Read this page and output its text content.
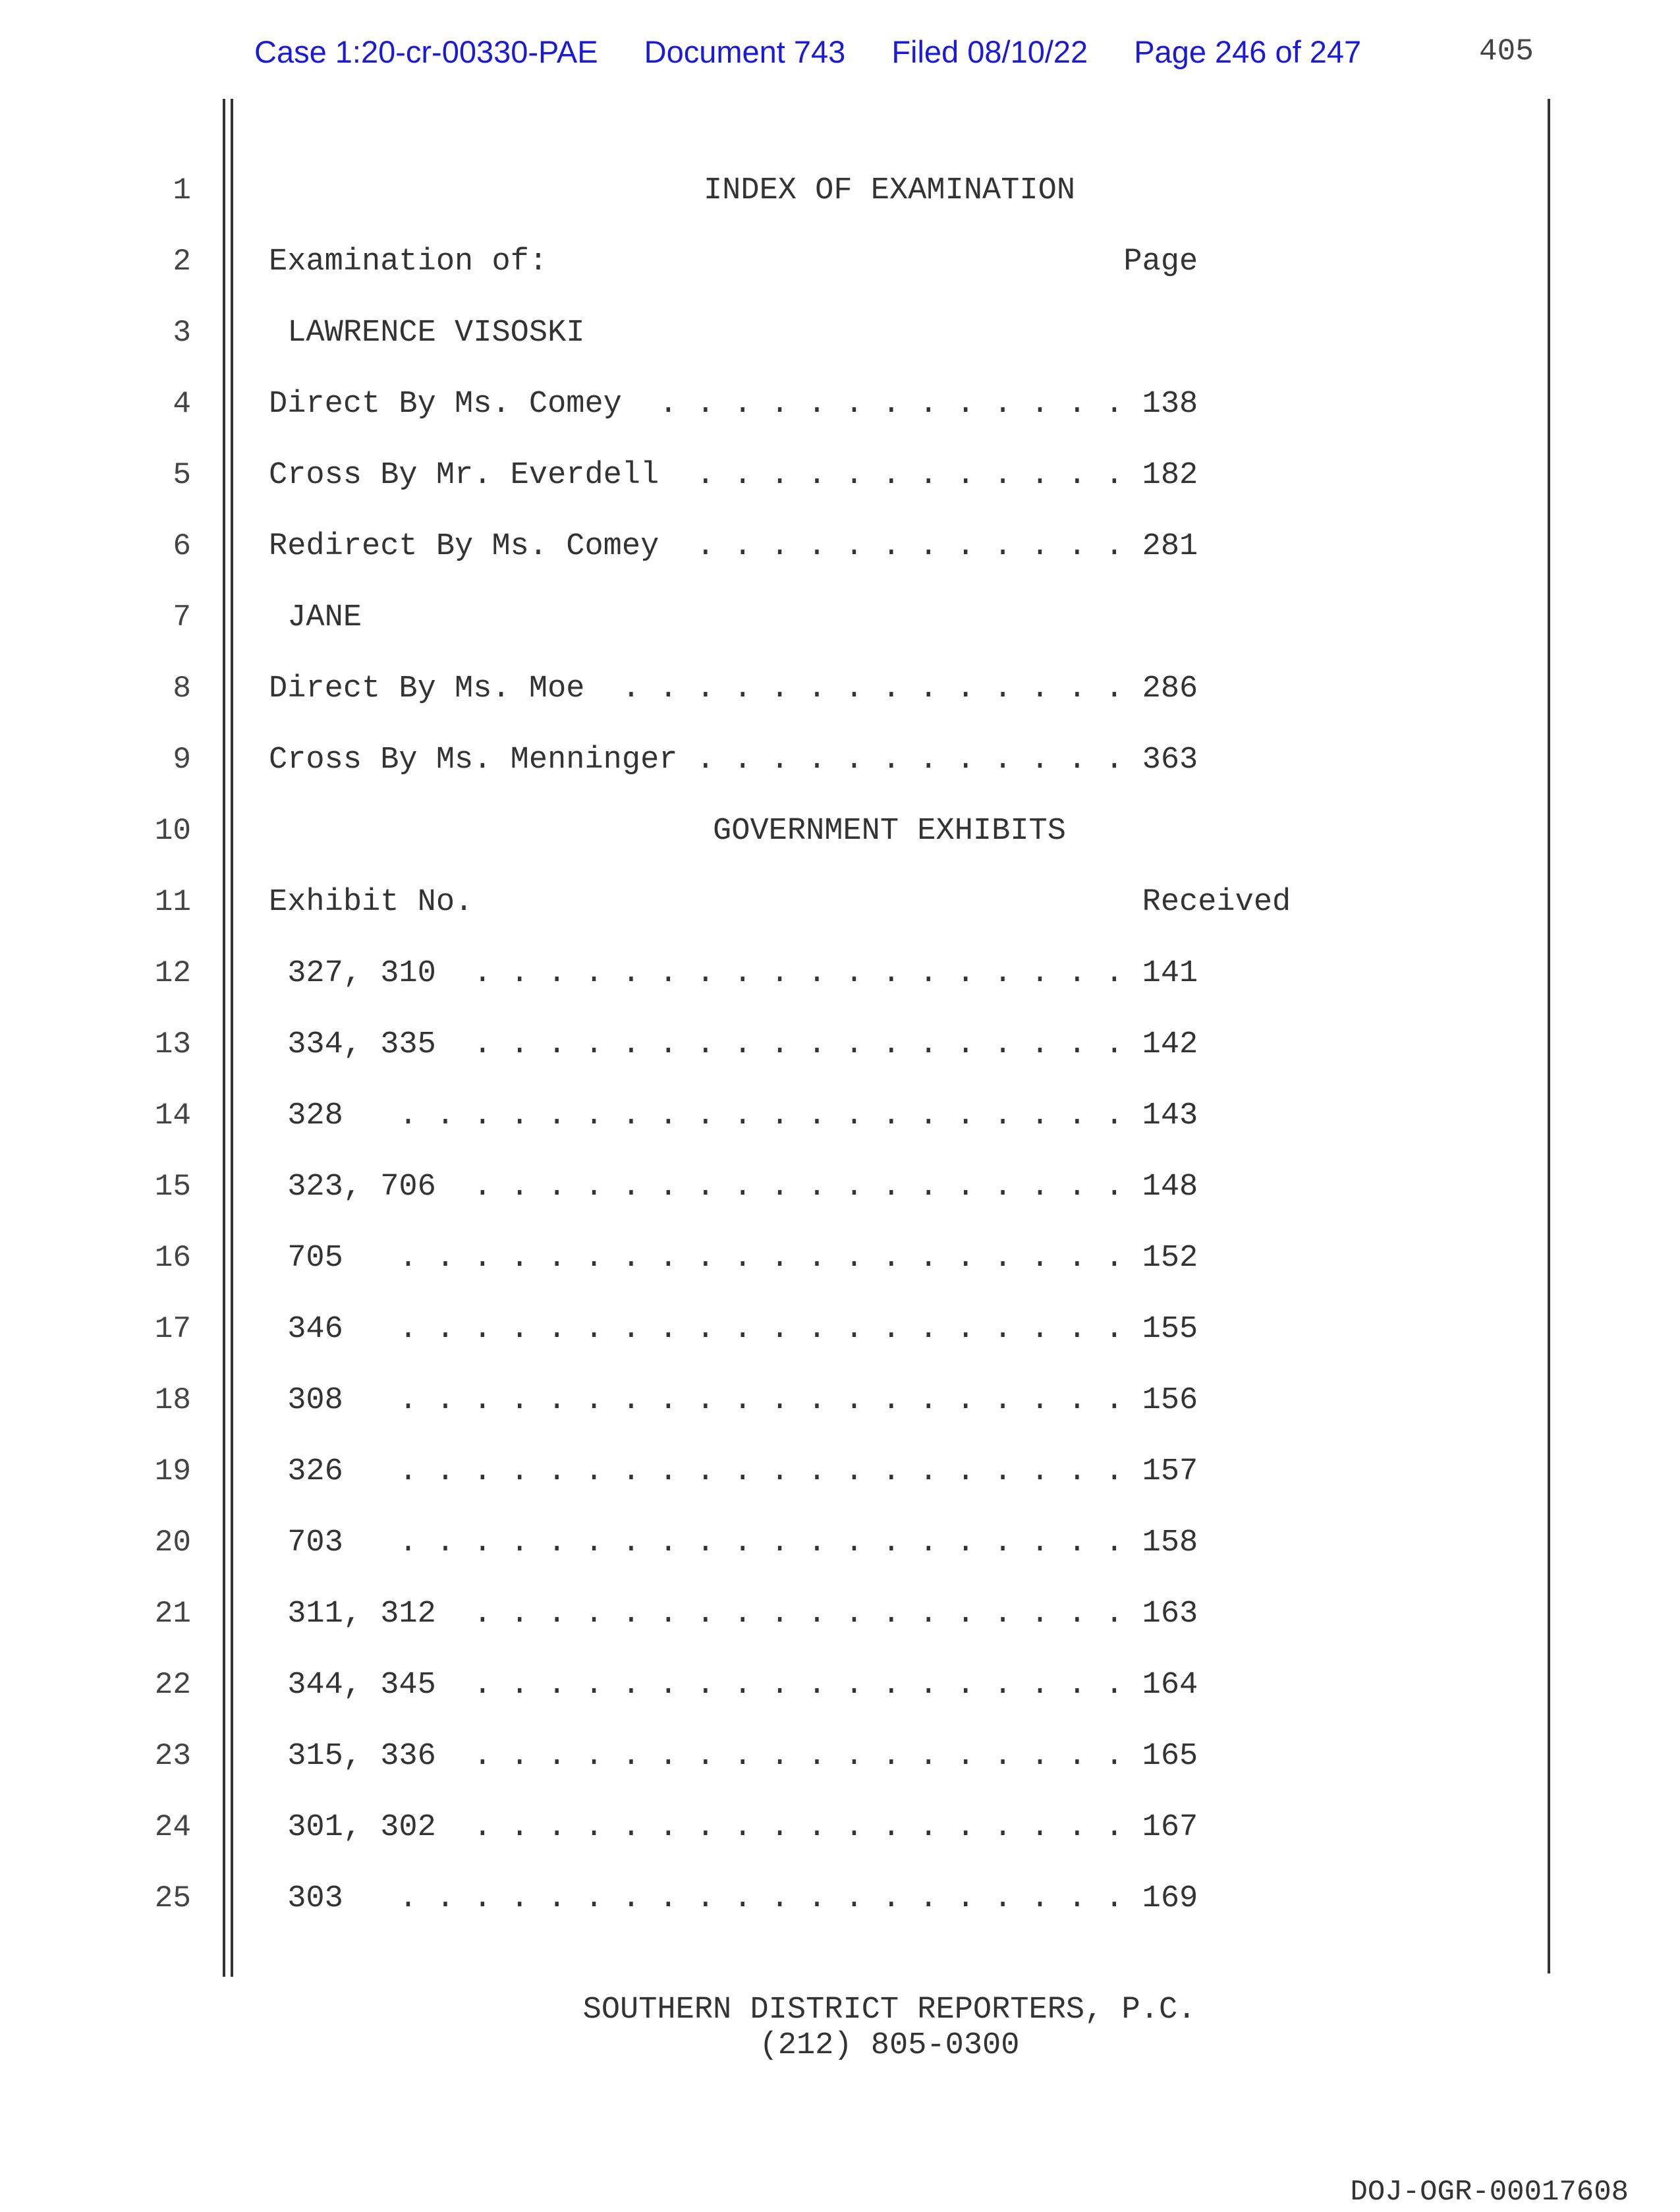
Case 1:20-cr-00330-PAE Document 743 Filed 08/10/22 Page 246 of 247	405
1
2
3
4
5
6
7
8
9
10
11
12
13
14
15
16
17
18
19
20
21
22
23
24
25
INDEX OF EXAMINATION
Examination of:                               Page
LAWRENCE VISOSKI
Direct By Ms. Comey  . . . . . . . . . . . . . 138
Cross By Mr. Everdell  . . . . . . . . . . . . 182
Redirect By Ms. Comey  . . . . . . . . . . . . 281
JANE
Direct By Ms. Moe  . . . . . . . . . . . . . . 286
Cross By Ms. Menninger . . . . . . . . . . . . 363
GOVERNMENT EXHIBITS
Exhibit No.                                    Received
327, 310  . . . . . . . . . . . . . . . . . . 141
334, 335  . . . . . . . . . . . . . . . . . . 142
328   . . . . . . . . . . . . . . . . . . . . 143
323, 706  . . . . . . . . . . . . . . . . . . 148
705   . . . . . . . . . . . . . . . . . . . . 152
346   . . . . . . . . . . . . . . . . . . . . 155
308   . . . . . . . . . . . . . . . . . . . . 156
326   . . . . . . . . . . . . . . . . . . . . 157
703   . . . . . . . . . . . . . . . . . . . . 158
311, 312  . . . . . . . . . . . . . . . . . . 163
344, 345  . . . . . . . . . . . . . . . . . . 164
315, 336  . . . . . . . . . . . . . . . . . . 165
301, 302  . . . . . . . . . . . . . . . . . . 167
303   . . . . . . . . . . . . . . . . . . . . 169
SOUTHERN DISTRICT REPORTERS, P.C.
(212) 805-0300
DOJ-OGR-00017608
